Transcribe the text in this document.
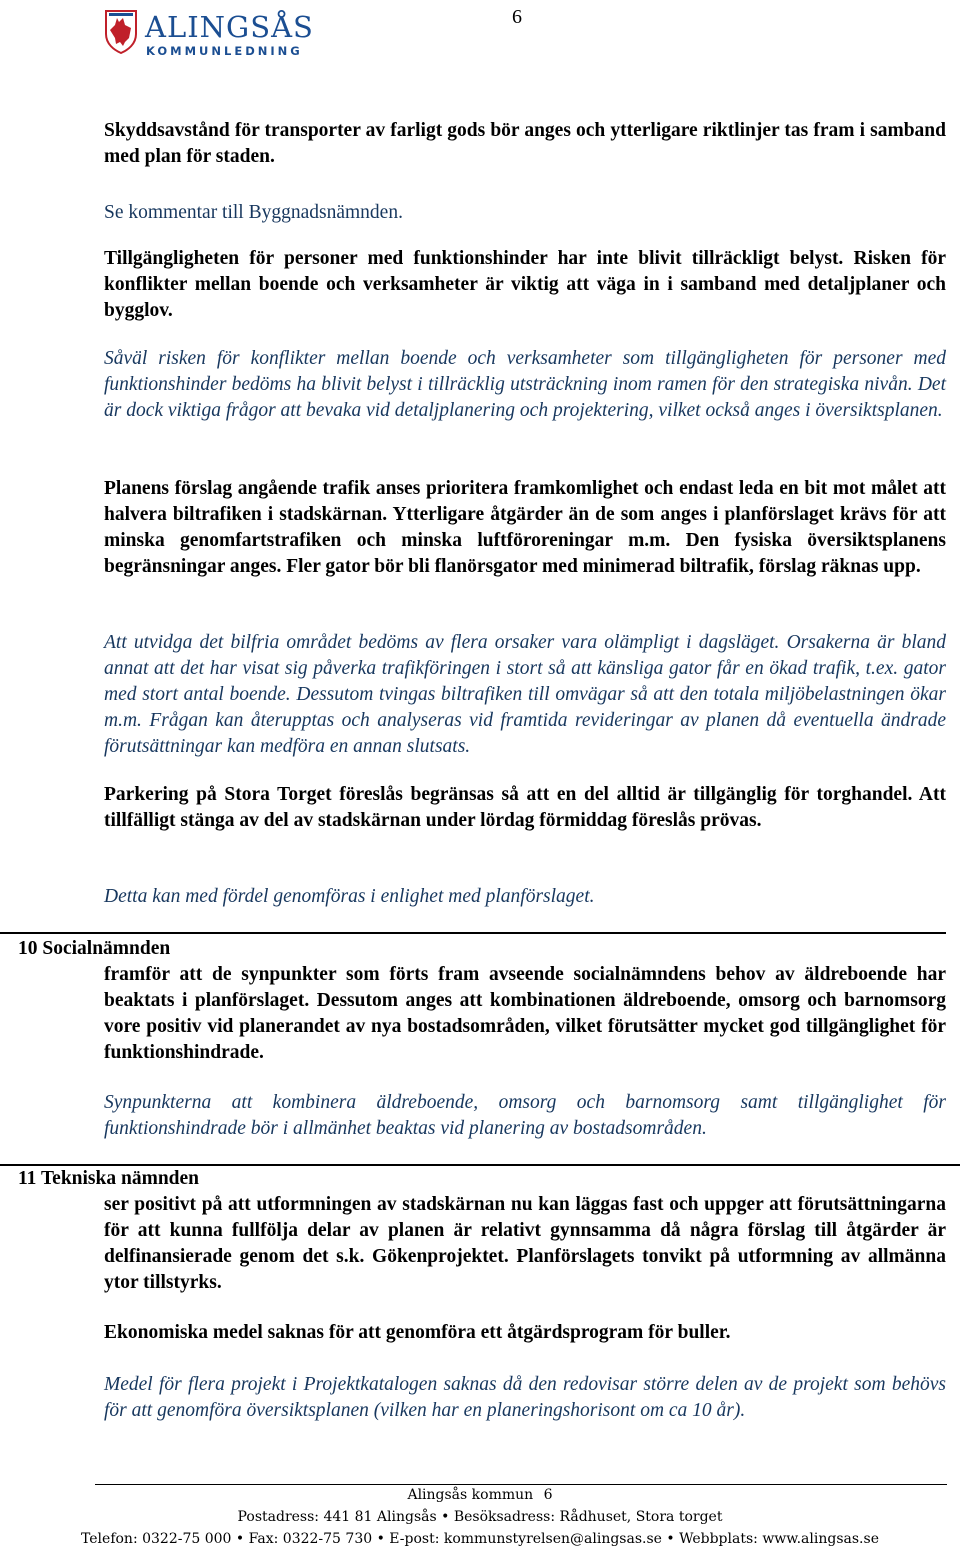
ALINGSÅS
KOMMUNLEDNING
6

Skyddsavstånd för transporter av farligt gods bör anges och ytterligare riktlinjer tas fram i samband med plan för staden.

Se kommentar till Byggnadsnämnden.

Tillgängligheten för personer med funktionshinder har inte blivit tillräckligt belyst. Risken för konflikter mellan boende och verksamheter är viktig att väga in i samband med detaljplaner och bygglov.

Såväl risken för konflikter mellan boende och verksamheter som tillgängligheten för personer med funktionshinder bedöms ha blivit belyst i tillräcklig utsträckning inom ramen för den strategiska nivån. Det är dock viktiga frågor att bevaka vid detaljplanering och projektering, vilket också anges i översiktsplanen.

Planens förslag angående trafik anses prioritera framkomlighet och endast leda en bit mot målet att halvera biltrafiken i stadskärnan. Ytterligare åtgärder än de som anges i planförslaget krävs för att minska genomfartstrafiken och minska luftföroreningar m.m. Den fysiska översiktsplanens begränsningar anges. Fler gator bör bli flanörsgator med minimerad biltrafik, förslag räknas upp.

Att utvidga det bilfria området bedöms av flera orsaker vara olämpligt i dagsläget. Orsakerna är bland annat att det har visat sig påverka trafikföringen i stort så att känsliga gator får en ökad trafik, t.ex. gator med stort antal boende. Dessutom tvingas biltrafiken till omvägar så att den totala miljöbelastningen ökar m.m. Frågan kan återupptas och analyseras vid framtida revideringar av planen då eventuella ändrade förutsättningar kan medföra en annan slutsats.

Parkering på Stora Torget föreslås begränsas så att en del alltid är tillgänglig för torghandel. Att tillfälligt stänga av del av stadskärnan under lördag förmiddag föreslås prövas.

Detta kan med fördel genomföras i enlighet med planförslaget.

10 Socialnämnden

framför att de synpunkter som förts fram avseende socialnämndens behov av äldreboende har beaktats i planförslaget. Dessutom anges att kombinationen äldreboende, omsorg och barnomsorg vore positiv vid planerandet av nya bostadsområden, vilket förutsätter mycket god tillgänglighet för funktionshindrade.

Synpunkterna att kombinera äldreboende, omsorg och barnomsorg samt tillgänglighet för funktionshindrade bör i allmänhet beaktas vid planering av bostadsområden.

11 Tekniska nämnden

ser positivt på att utformningen av stadskärnan nu kan läggas fast och uppger att förutsättningarna för att kunna fullfölja delar av planen är relativt gynnsamma då några förslag till åtgärder är delfinansierade genom det s.k. Gökenprojektet. Planförslagets tonvikt på utformning av allmänna ytor tillstyrks.

Ekonomiska medel saknas för att genomföra ett åtgärdsprogram för buller.

Medel för flera projekt i Projektkatalogen saknas då den redovisar större delen av de projekt som behövs för att genomföra översiktsplanen (vilken har en planeringshorisont om ca 10 år).

Alingsås kommun 6
Postadress: 441 81 Alingsås • Besöksadress: Rådhuset, Stora torget
Telefon: 0322-75 000 • Fax: 0322-75 730 • E-post: kommunstyrelsen@alingsas.se • Webbplats: www.alingsas.se
